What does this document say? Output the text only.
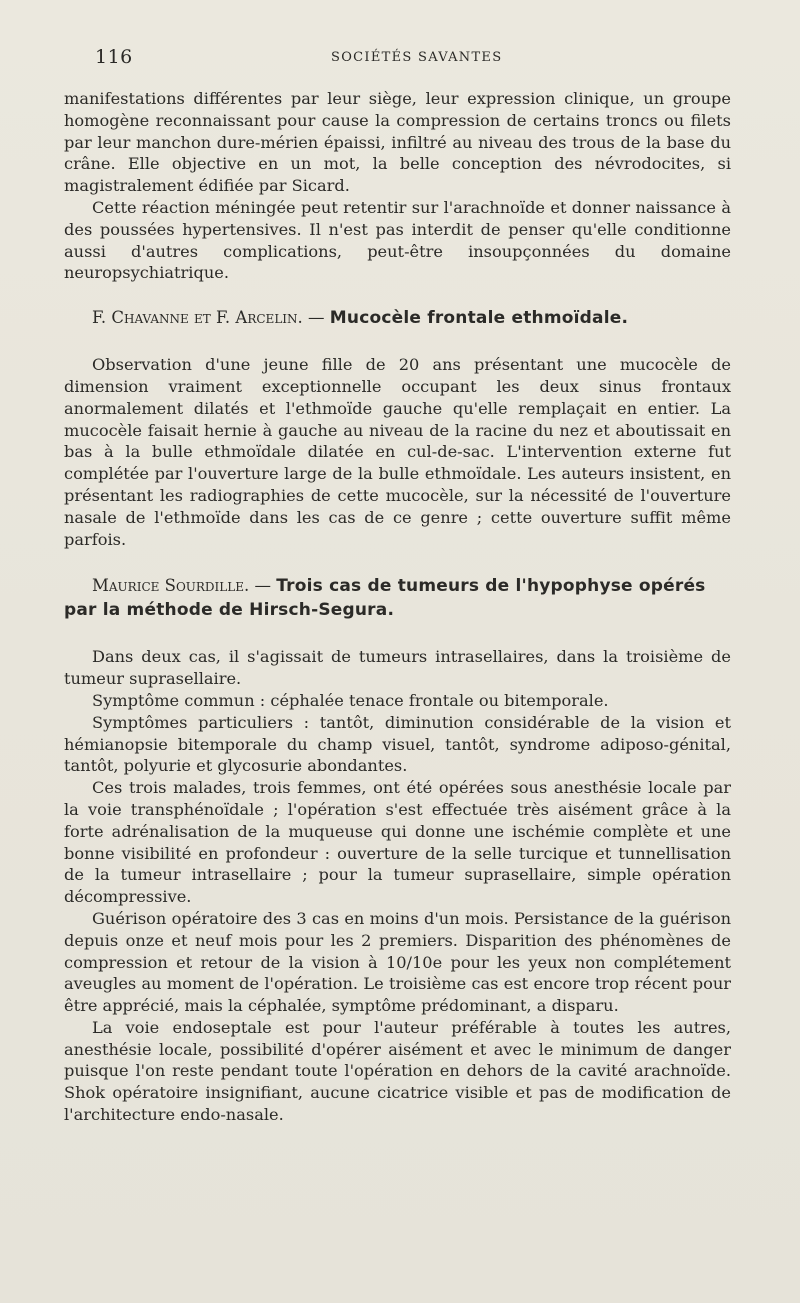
116	SOCIÉTÉS SAVANTES

manifestations différentes par leur siège, leur expression clinique, un groupe homogène reconnaissant pour cause la compression de certains troncs ou filets par leur manchon dure-mérien épaissi, infiltré au niveau des trous de la base du crâne. Elle objective en un mot, la belle conception des névrodocites, si magistralement édifiée par Sicard.

Cette réaction méningée peut retentir sur l'arachnoïde et donner naissance à des poussées hypertensives. Il n'est pas interdit de penser qu'elle conditionne aussi d'autres complications, peut-être insoupçonnées du domaine neuropsychiatrique.

F. Chavanne et F. Arcelin. — Mucocèle frontale ethmoïdale.

Observation d'une jeune fille de 20 ans présentant une mucocèle de dimension vraiment exceptionnelle occupant les deux sinus frontaux anormalement dilatés et l'ethmoïde gauche qu'elle remplaçait en entier. La mucocèle faisait hernie à gauche au niveau de la racine du nez et aboutissait en bas à la bulle ethmoïdale dilatée en cul-de-sac. L'intervention externe fut complétée par l'ouverture large de la bulle ethmoïdale. Les auteurs insistent, en présentant les radiographies de cette mucocèle, sur la nécessité de l'ouverture nasale de l'ethmoïde dans les cas de ce genre ; cette ouverture suffit même parfois.

Maurice Sourdille. — Trois cas de tumeurs de l'hypophyse opérés par la méthode de Hirsch-Segura.

Dans deux cas, il s'agissait de tumeurs intrasellaires, dans la troisième de tumeur suprasellaire.

Symptôme commun : céphalée tenace frontale ou bitemporale.

Symptômes particuliers : tantôt, diminution considérable de la vision et hémianopsie bitemporale du champ visuel, tantôt, syndrome adiposo-génital, tantôt, polyurie et glycosurie abondantes.

Ces trois malades, trois femmes, ont été opérées sous anesthésie locale par la voie transphénoïdale ; l'opération s'est effectuée très aisément grâce à la forte adrénalisation de la muqueuse qui donne une ischémie complète et une bonne visibilité en profondeur : ouverture de la selle turcique et tunnellisation de la tumeur intrasellaire ; pour la tumeur suprasellaire, simple opération décompressive.

Guérison opératoire des 3 cas en moins d'un mois. Persistance de la guérison depuis onze et neuf mois pour les 2 premiers. Disparition des phénomènes de compression et retour de la vision à 10/10e pour les yeux non complétement aveugles au moment de l'opération. Le troisième cas est encore trop récent pour être apprécié, mais la céphalée, symptôme prédominant, a disparu.

La voie endoseptale est pour l'auteur préférable à toutes les autres, anesthésie locale, possibilité d'opérer aisément et avec le minimum de danger puisque l'on reste pendant toute l'opération en dehors de la cavité arachnoïde. Shok opératoire insignifiant, aucune cicatrice visible et pas de modification de l'architecture endo-nasale.
